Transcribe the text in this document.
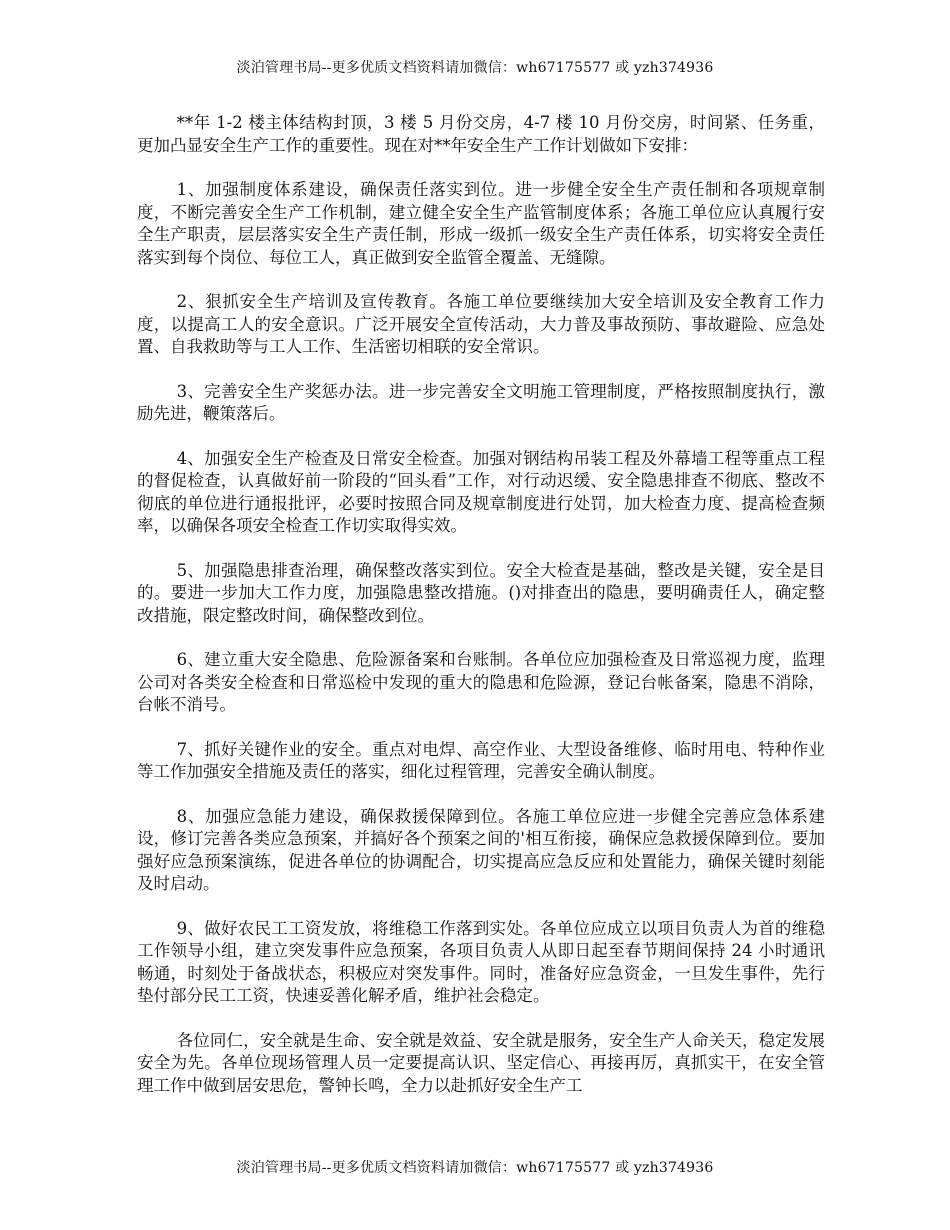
淡泊管理书局--更多优质文档资料请加微信：wh67175577 或 yzh374936

**年 1-2 楼主体结构封顶，3 楼 5 月份交房，4-7 楼 10 月份交房，时间紧、任务重，更加凸显安全生产工作的重要性。现在对**年安全生产工作计划做如下安排：

1、加强制度体系建设，确保责任落实到位。进一步健全安全生产责任制和各项规章制度，不断完善安全生产工作机制，建立健全安全生产监管制度体系；各施工单位应认真履行安全生产职责，层层落实安全生产责任制，形成一级抓一级安全生产责任体系，切实将安全责任落实到每个岗位、每位工人，真正做到安全监管全覆盖、无缝隙。

2、狠抓安全生产培训及宣传教育。各施工单位要继续加大安全培训及安全教育工作力度，以提高工人的安全意识。广泛开展安全宣传活动，大力普及事故预防、事故避险、应急处置、自我救助等与工人工作、生活密切相联的安全常识。

3、完善安全生产奖惩办法。进一步完善安全文明施工管理制度，严格按照制度执行，激励先进，鞭策落后。

4、加强安全生产检查及日常安全检查。加强对钢结构吊装工程及外幕墙工程等重点工程的督促检查，认真做好前一阶段的“回头看”工作，对行动迟缓、安全隐患排查不彻底、整改不彻底的单位进行通报批评，必要时按照合同及规章制度进行处罚，加大检查力度、提高检查频率，以确保各项安全检查工作切实取得实效。

5、加强隐患排查治理，确保整改落实到位。安全大检查是基础，整改是关键，安全是目的。要进一步加大工作力度，加强隐患整改措施。()对排查出的隐患，要明确责任人，确定整改措施，限定整改时间，确保整改到位。

6、建立重大安全隐患、危险源备案和台账制。各单位应加强检查及日常巡视力度，监理公司对各类安全检查和日常巡检中发现的重大的隐患和危险源，登记台帐备案，隐患不消除，台帐不消号。

7、抓好关键作业的安全。重点对电焊、高空作业、大型设备维修、临时用电、特种作业等工作加强安全措施及责任的落实，细化过程管理，完善安全确认制度。

8、加强应急能力建设，确保救援保障到位。各施工单位应进一步健全完善应急体系建设，修订完善各类应急预案，并搞好各个预案之间的'相互衔接，确保应急救援保障到位。要加强好应急预案演练，促进各单位的协调配合，切实提高应急反应和处置能力，确保关键时刻能及时启动。

9、做好农民工工资发放，将维稳工作落到实处。各单位应成立以项目负责人为首的维稳工作领导小组，建立突发事件应急预案，各项目负责人从即日起至春节期间保持 24 小时通讯畅通，时刻处于备战状态，积极应对突发事件。同时，准备好应急资金，一旦发生事件，先行垫付部分民工工资，快速妥善化解矛盾，维护社会稳定。

各位同仁，安全就是生命、安全就是效益、安全就是服务，安全生产人命关天，稳定发展安全为先。各单位现场管理人员一定要提高认识、坚定信心、再接再厉，真抓实干，在安全管理工作中做到居安思危，警钟长鸣，全力以赴抓好安全生产工

淡泊管理书局--更多优质文档资料请加微信：wh67175577 或 yzh374936
